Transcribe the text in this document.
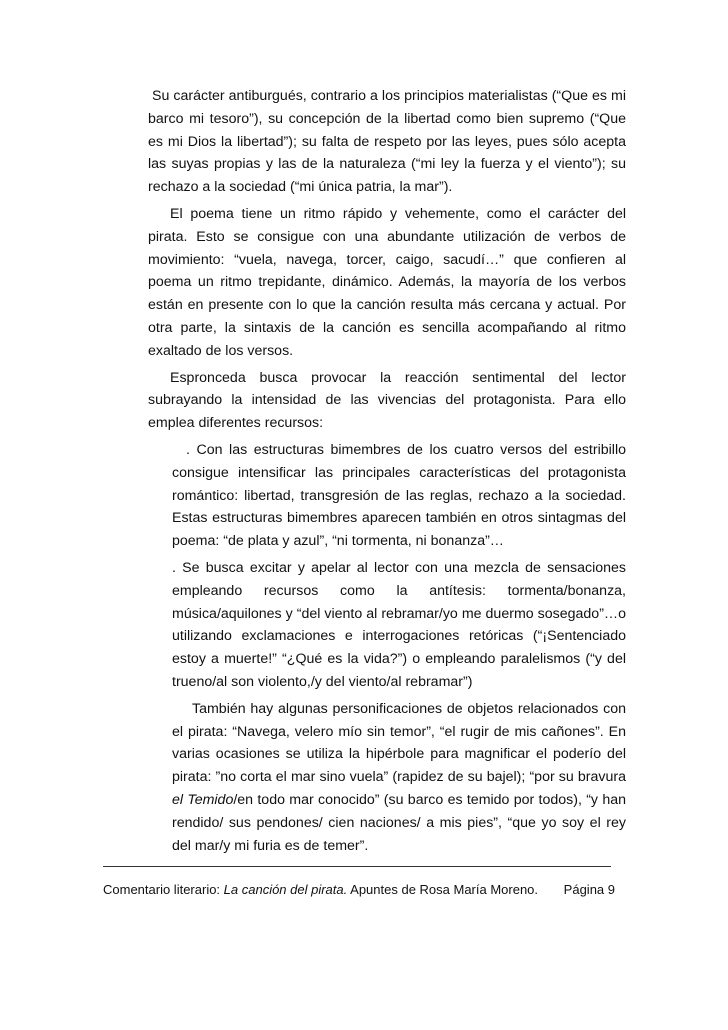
Su carácter antiburgués, contrario a los principios materialistas (“Que es mi barco mi tesoro”), su concepción de la libertad como bien supremo (“Que es mi Dios la libertad”); su falta de respeto por las leyes, pues sólo acepta las suyas propias y las de la naturaleza (“mi ley la fuerza y el viento”); su rechazo a la sociedad (“mi única patria, la mar”).

El poema tiene un ritmo rápido y vehemente, como el carácter del pirata. Esto se consigue con una abundante utilización de verbos de movimiento: “vuela, navega, torcer, caigo, sacudí…” que confieren al poema un ritmo trepidante, dinámico. Además, la mayoría de los verbos están en presente con lo que la canción resulta más cercana y actual. Por otra parte, la sintaxis de la canción es sencilla acompañando al ritmo exaltado de los versos.

Espronceda busca provocar la reacción sentimental del lector subrayando la intensidad de las vivencias del protagonista. Para ello emplea diferentes recursos:

. Con las estructuras bimembres de los cuatro versos del estribillo consigue intensificar las principales características del protagonista romántico: libertad, transgresión de las reglas, rechazo a la sociedad. Estas estructuras bimembres aparecen también en otros sintagmas del poema: “de plata y azul”, “ni tormenta, ni bonanza”…

. Se busca excitar y apelar al lector con una mezcla de sensaciones empleando recursos como la antítesis: tormenta/bonanza, música/aquilones y “del viento al rebramar/yo me duermo sosegado”…o utilizando exclamaciones e interrogaciones retóricas (“¡Sentenciado estoy a muerte!” “¿Qué es la vida?”) o empleando paralelismos (“y del trueno/al son violento,/y del viento/al rebramar”)

También hay algunas personificaciones de objetos relacionados con el pirata: “Navega, velero mío sin temor”, “el rugir de mis cañones”. En varias ocasiones se utiliza la hipérbole para magnificar el poderío del pirata: ”no corta el mar sino vuela” (rapidez de su bajel); “por su bravura el Temido/en todo mar conocido” (su barco es temido por todos), “y han rendido/ sus pendones/ cien naciones/ a mis pies”, “que yo soy el rey del mar/y mi furia es de temer”.

Comentario literario: La canción del pirata. Apuntes de Rosa María Moreno. Página 9
